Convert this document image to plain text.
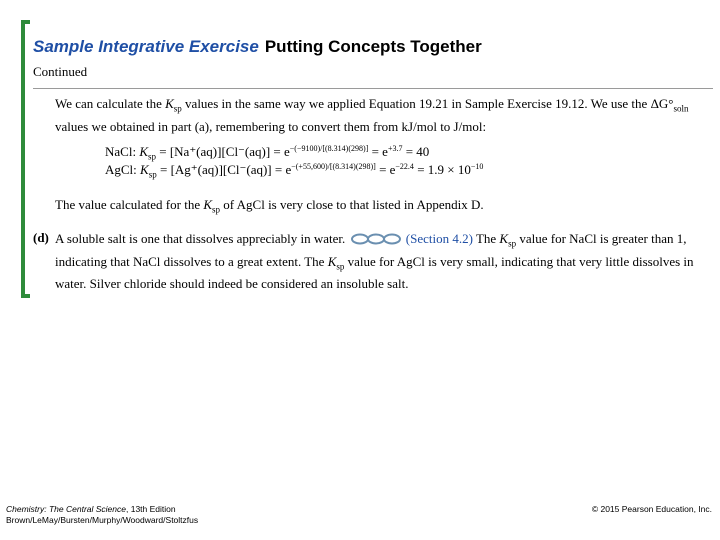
Sample Integrative Exercise Putting Concepts Together
Continued
We can calculate the $K_{sp}$ values in the same way we applied Equation 19.21 in Sample Exercise 19.12. We use the $\Delta G^\circ_{soln}$ values we obtained in part (a), remembering to convert them from kJ/mol to J/mol:
NaCl: $K_{sp} = [Na^+(aq)][Cl^-(aq)] = e^{-(-9100)/[(8.314)(298)]} = e^{+3.7} = 40$
AgCl: $K_{sp} = [Ag^+(aq)][Cl^-(aq)] = e^{-(+55,600)/[(8.314)(298)]} = e^{-22.4} = 1.9 \times 10^{-10}$
The value calculated for the $K_{sp}$ of AgCl is very close to that listed in Appendix D.
(d) A soluble salt is one that dissolves appreciably in water.	(Section 4.2) The $K_{sp}$ value for NaCl is greater than 1, indicating that NaCl dissolves to a great extent. The $K_{sp}$ value for AgCl is very small, indicating that very little dissolves in water. Silver chloride should indeed be considered an insoluble salt.
Chemistry: The Central Science, 13th Edition
Brown/LeMay/Bursten/Murphy/Woodward/Stoltzfus
© 2015 Pearson Education, Inc.
